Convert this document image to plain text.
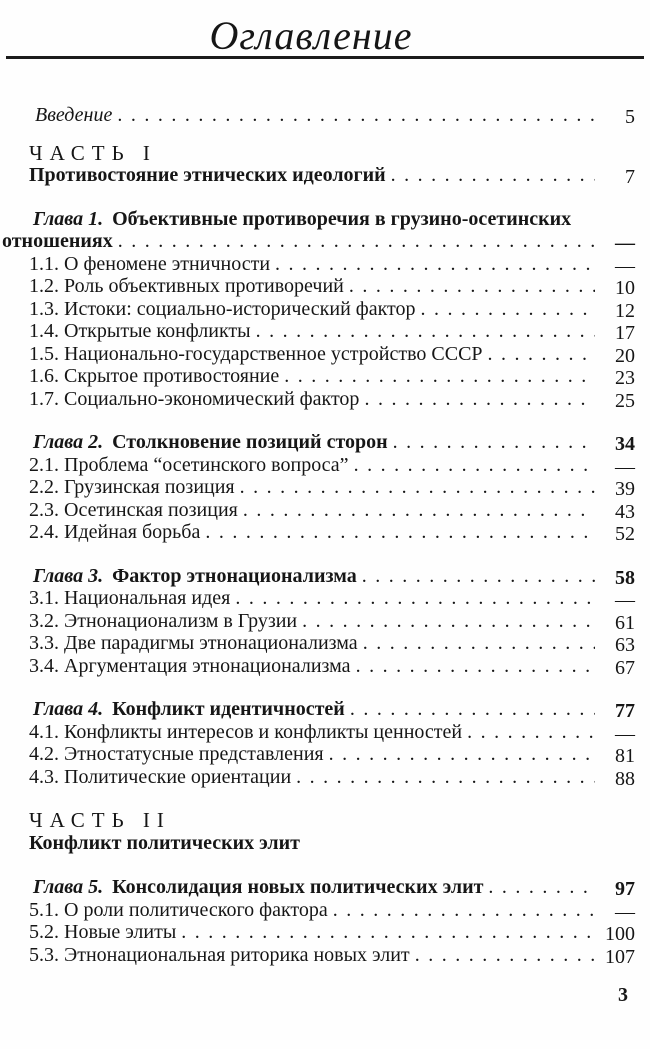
Оглавление
Введение .....	5
ЧАСТЬ I
Противостояние этнических идеологий .....	7
Глава 1. Объективные противоречия в грузино-осетинских
отношениях .....	—
1.1. О феномене этничности .....	—
1.2. Роль объективных противоречий .....	10
1.3. Истоки: социально-исторический фактор .....	12
1.4. Открытые конфликты .....	17
1.5. Национально-государственное устройство СССР .....	20
1.6. Скрытое противостояние .....	23
1.7. Социально-экономический фактор .....	25
Глава 2. Столкновение позиций сторон .....	34
2.1. Проблема “осетинского вопроса” .....	—
2.2. Грузинская позиция .....	39
2.3. Осетинская позиция .....	43
2.4. Идейная борьба .....	52
Глава 3. Фактор этнонационализма .....	58
3.1. Национальная идея .....	—
3.2. Этнонационализм в Грузии .....	61
3.3. Две парадигмы этнонационализма .....	63
3.4. Аргументация этнонационализма .....	67
Глава 4. Конфликт идентичностей .....	77
4.1. Конфликты интересов и конфликты ценностей .....	—
4.2. Этностатусные представления .....	81
4.3. Политические ориентации .....	88
ЧАСТЬ II
Конфликт политических элит
Глава 5. Консолидация новых политических элит .....	97
5.1. О роли политического фактора .....	—
5.2. Новые элиты .....	100
5.3. Этнонациональная риторика новых элит .....	107
3
